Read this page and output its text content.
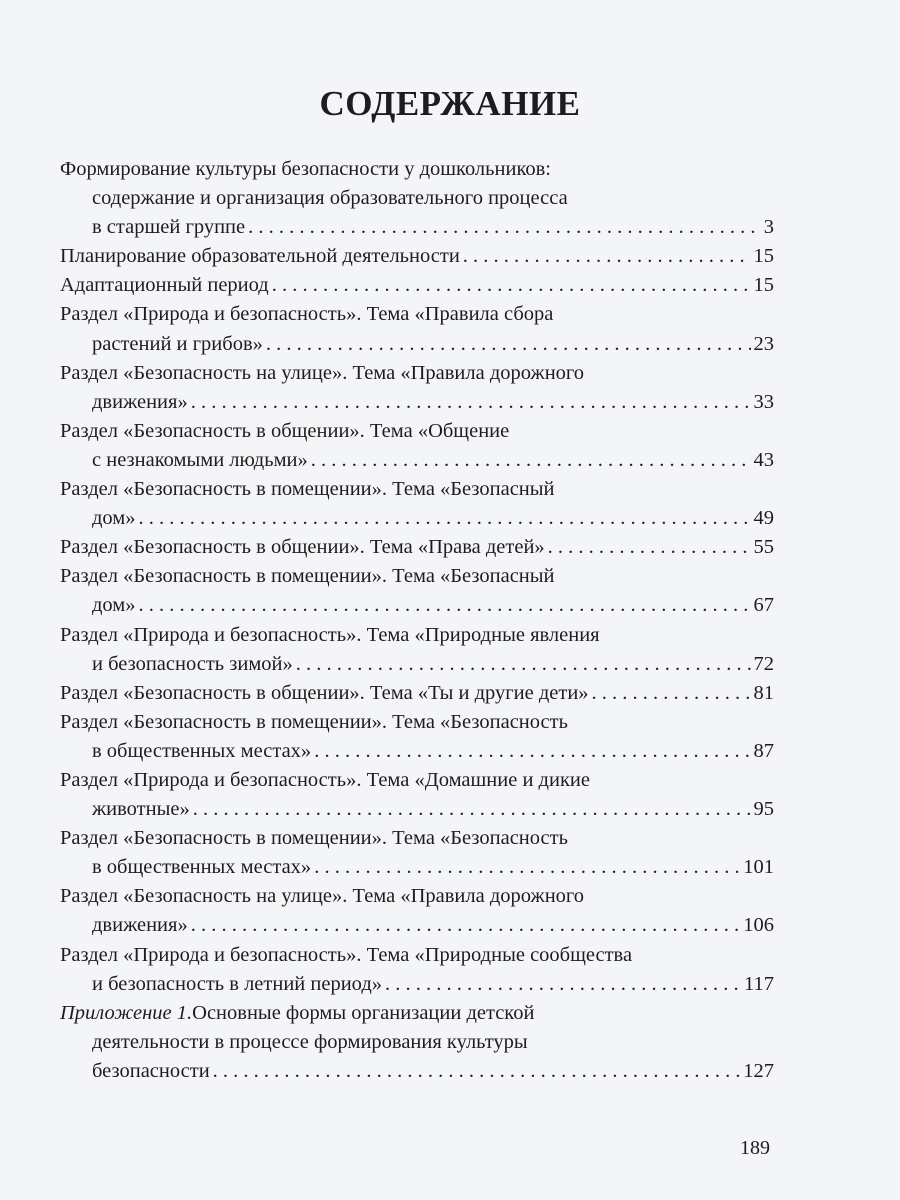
СОДЕРЖАНИЕ
Формирование культуры безопасности у дошкольников:
содержание и организация образовательного процесса
в старшей группе . . .	3
Планирование образовательной деятельности . . .	15
Адаптационный период . . .	15
Раздел «Природа и безопасность». Тема «Правила сбора
растений и грибов» . . .	23
Раздел «Безопасность на улице». Тема «Правила дорожного
движения» . . .	33
Раздел «Безопасность в общении». Тема «Общение
с незнакомыми людьми» . . .	43
Раздел «Безопасность в помещении». Тема «Безопасный
дом» . . .	49
Раздел «Безопасность в общении». Тема «Права детей» . . .	55
Раздел «Безопасность в помещении». Тема «Безопасный
дом» . . .	67
Раздел «Природа и безопасность». Тема «Природные явления
и безопасность зимой» . . .	72
Раздел «Безопасность в общении». Тема «Ты и другие дети» . . .	81
Раздел «Безопасность в помещении». Тема «Безопасность
в общественных местах» . . .	87
Раздел «Природа и безопасность». Тема «Домашние и дикие
животные» . . .	95
Раздел «Безопасность в помещении». Тема «Безопасность
в общественных местах» . . .	101
Раздел «Безопасность на улице». Тема «Правила дорожного
движения» . . .	106
Раздел «Природа и безопасность». Тема «Природные сообщества
и безопасность в летний период» . . .	117
Приложение 1. Основные формы организации детской
деятельности в процессе формирования культуры
безопасности . . .	127
189
